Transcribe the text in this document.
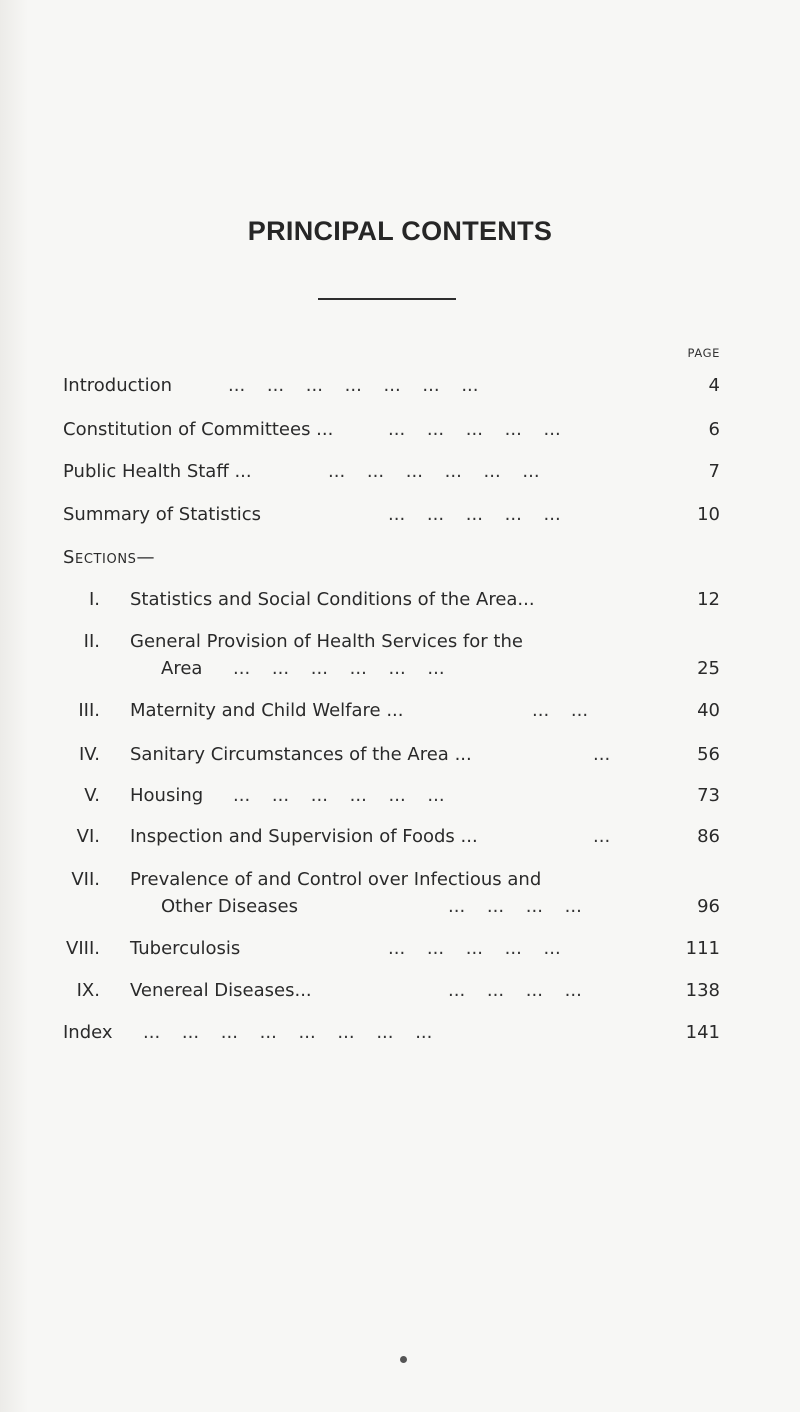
PRINCIPAL CONTENTS
PAGE
Introduction	... ... ... ... ... ... ...	4
Constitution of Committees ...	... ... ... ... ...	6
Public Health Staff ...	... ... ... ... ... ...	7
Summary of Statistics	... ... ... ... ...	10
Sections—
I. Statistics and Social Conditions of the Area...	12
II. General Provision of Health Services for the
Area ... ... ... ... ... ...	25
III. Maternity and Child Welfare ...	... ...	40
IV. Sanitary Circumstances of the Area ...	...	56
V. Housing ... ... ... ... ... ...	73
VI. Inspection and Supervision of Foods ...	...	86
VII. Prevalence of and Control over Infectious and
Other Diseases	... ... ... ...	96
VIII. Tuberculosis	... ... ... ... ...	111
IX. Venereal Diseases...	... ... ... ...	138
Index ... ... ... ... ... ... ... ...	141
